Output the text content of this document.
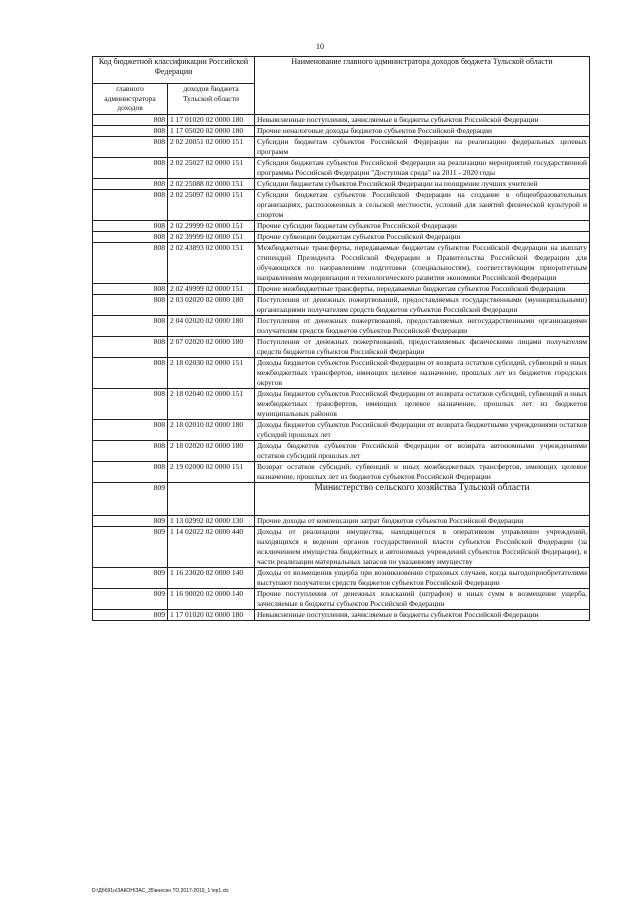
10
Код бюджетной классификации Российской Федерации		Наименование главного администратора доходов бюджета Тульской области
главного администратора доходов	доходов бюджета Тульской области	
808	1 17 01020 02 0000 180	Невыясненные поступления, зачисляемые в бюджеты субъектов Российской Федерации
808	1 17 05020 02 0000 180	Прочие неналоговые доходы бюджетов субъектов Российской Федерации
808	2 02 20051 02 0000 151	Субсидии бюджетам субъектов Российской Федерации на реализацию федеральных целевых программ
808	2 02 25027 02 0000 151	Субсидии бюджетам субъектов Российской Федерации на реализацию мероприятий государственной программы Российской Федерации "Доступная среда" на 2011 - 2020 годы
808	2 02 25088 02 0000 151	Субсидии бюджетам субъектов Российской Федерации на поощрение лучших учителей
808	2 02 25097 02 0000 151	Субсидии бюджетам субъектов Российской Федерации на создание в общеобразовательных организациях, расположенных в сельской местности, условий для занятий физической культурой и спортом
808	2 02 29999 02 0000 151	Прочие субсидии бюджетам субъектов Российской Федерации
808	2 02 39999 02 0000 151	Прочие субвенции бюджетам субъектов Российской Федерации
808	2 02 43893 02 0000 151	Межбюджетные трансферты, передаваемые бюджетам субъектов Российской Федерации на выплату стипендий Президента Российской Федерации и Правительства Российской Федерации для обучающихся по направлениям подготовки (специальностям), соответствующим приоритетным направлениям модернизации и технологического развития экономики Российской Федерации
808	2 02 49999 02 0000 151	Прочие межбюджетные трансферты, передаваемые бюджетам субъектов Российской Федерации
808	2 03 02020 02 0000 180	Поступления от денежных пожертвований, предоставляемых государственными (муниципальными) организациями получателям средств бюджетов субъектов Российской Федерации
808	2 04 02020 02 0000 180	Поступления от денежных пожертвований, предоставляемых негосударственными организациями получателям средств бюджетов субъектов Российской Федерации
808	2 07 02020 02 0000 180	Поступления от денежных пожертвований, предоставляемых физическими лицами получателям средств бюджетов субъектов Российской Федерации
808	2 18 02030 02 0000 151	Доходы бюджетов субъектов Российской Федерации от возврата остатков субсидий, субвенций и иных межбюджетных трансфертов, имеющих целевое назначение, прошлых лет из бюджетов городских округов
808	2 18 02040 02 0000 151	Доходы бюджетов субъектов Российской Федерации от возврата остатков субсидий, субвенций и иных межбюджетных трансфертов, имеющих целевое назначение, прошлых лет из бюджетов муниципальных районов
808	2 18 02010 02 0000 180	Доходы бюджетов субъектов Российской Федерации от возврата бюджетными учреждениями остатков субсидий прошлых лет
808	2 18 02020 02 0000 180	Доходы бюджетов субъектов Российской Федерации от возврата автономными учреждениями остатков субсидий прошлых лет
808	2 19 02000 02 0000 151	Возврат остатков субсидий, субвенций и иных межбюджетных трансфертов, имеющих целевое назначение, прошлых лет из бюджетов субъектов Российской Федерации
809		Министерство сельского хозяйства Тульской области
809	1 13 02992 02 0000 130	Прочие доходы от компенсации затрат бюджетов субъектов Российской Федерации
809	1 14 02022 02 0000 440	Доходы от реализации имущества, находящегося в оперативном управлении учреждений, находящихся в ведении органов государственной власти субъектов Российской Федерации (за исключением имущества бюджетных и автономных учреждений субъектов Российской Федерации), в части реализации материальных запасов по указанному имуществу
809	1 16 23020 02 0000 140	Доходы от возмещения ущерба при возникновении страховых случаев, когда выгодоприобретателями выступают получатели средств бюджетов субъектов Российской Федерации
809	1 16 90020 02 0000 140	Прочие поступления от денежных взысканий (штрафов) и иных сумм в возмещение ущерба, зачисляемые в бюджеты субъектов Российской Федерации
809	1 17 01020 02 0000 180	Невыясненные поступления, зачисляемые в бюджеты субъектов Российской Федерации
D:\Дбб91н\ЗАКОН\ЗАС_35\внесен ТО 2017-2019_1 \пр1.xls
